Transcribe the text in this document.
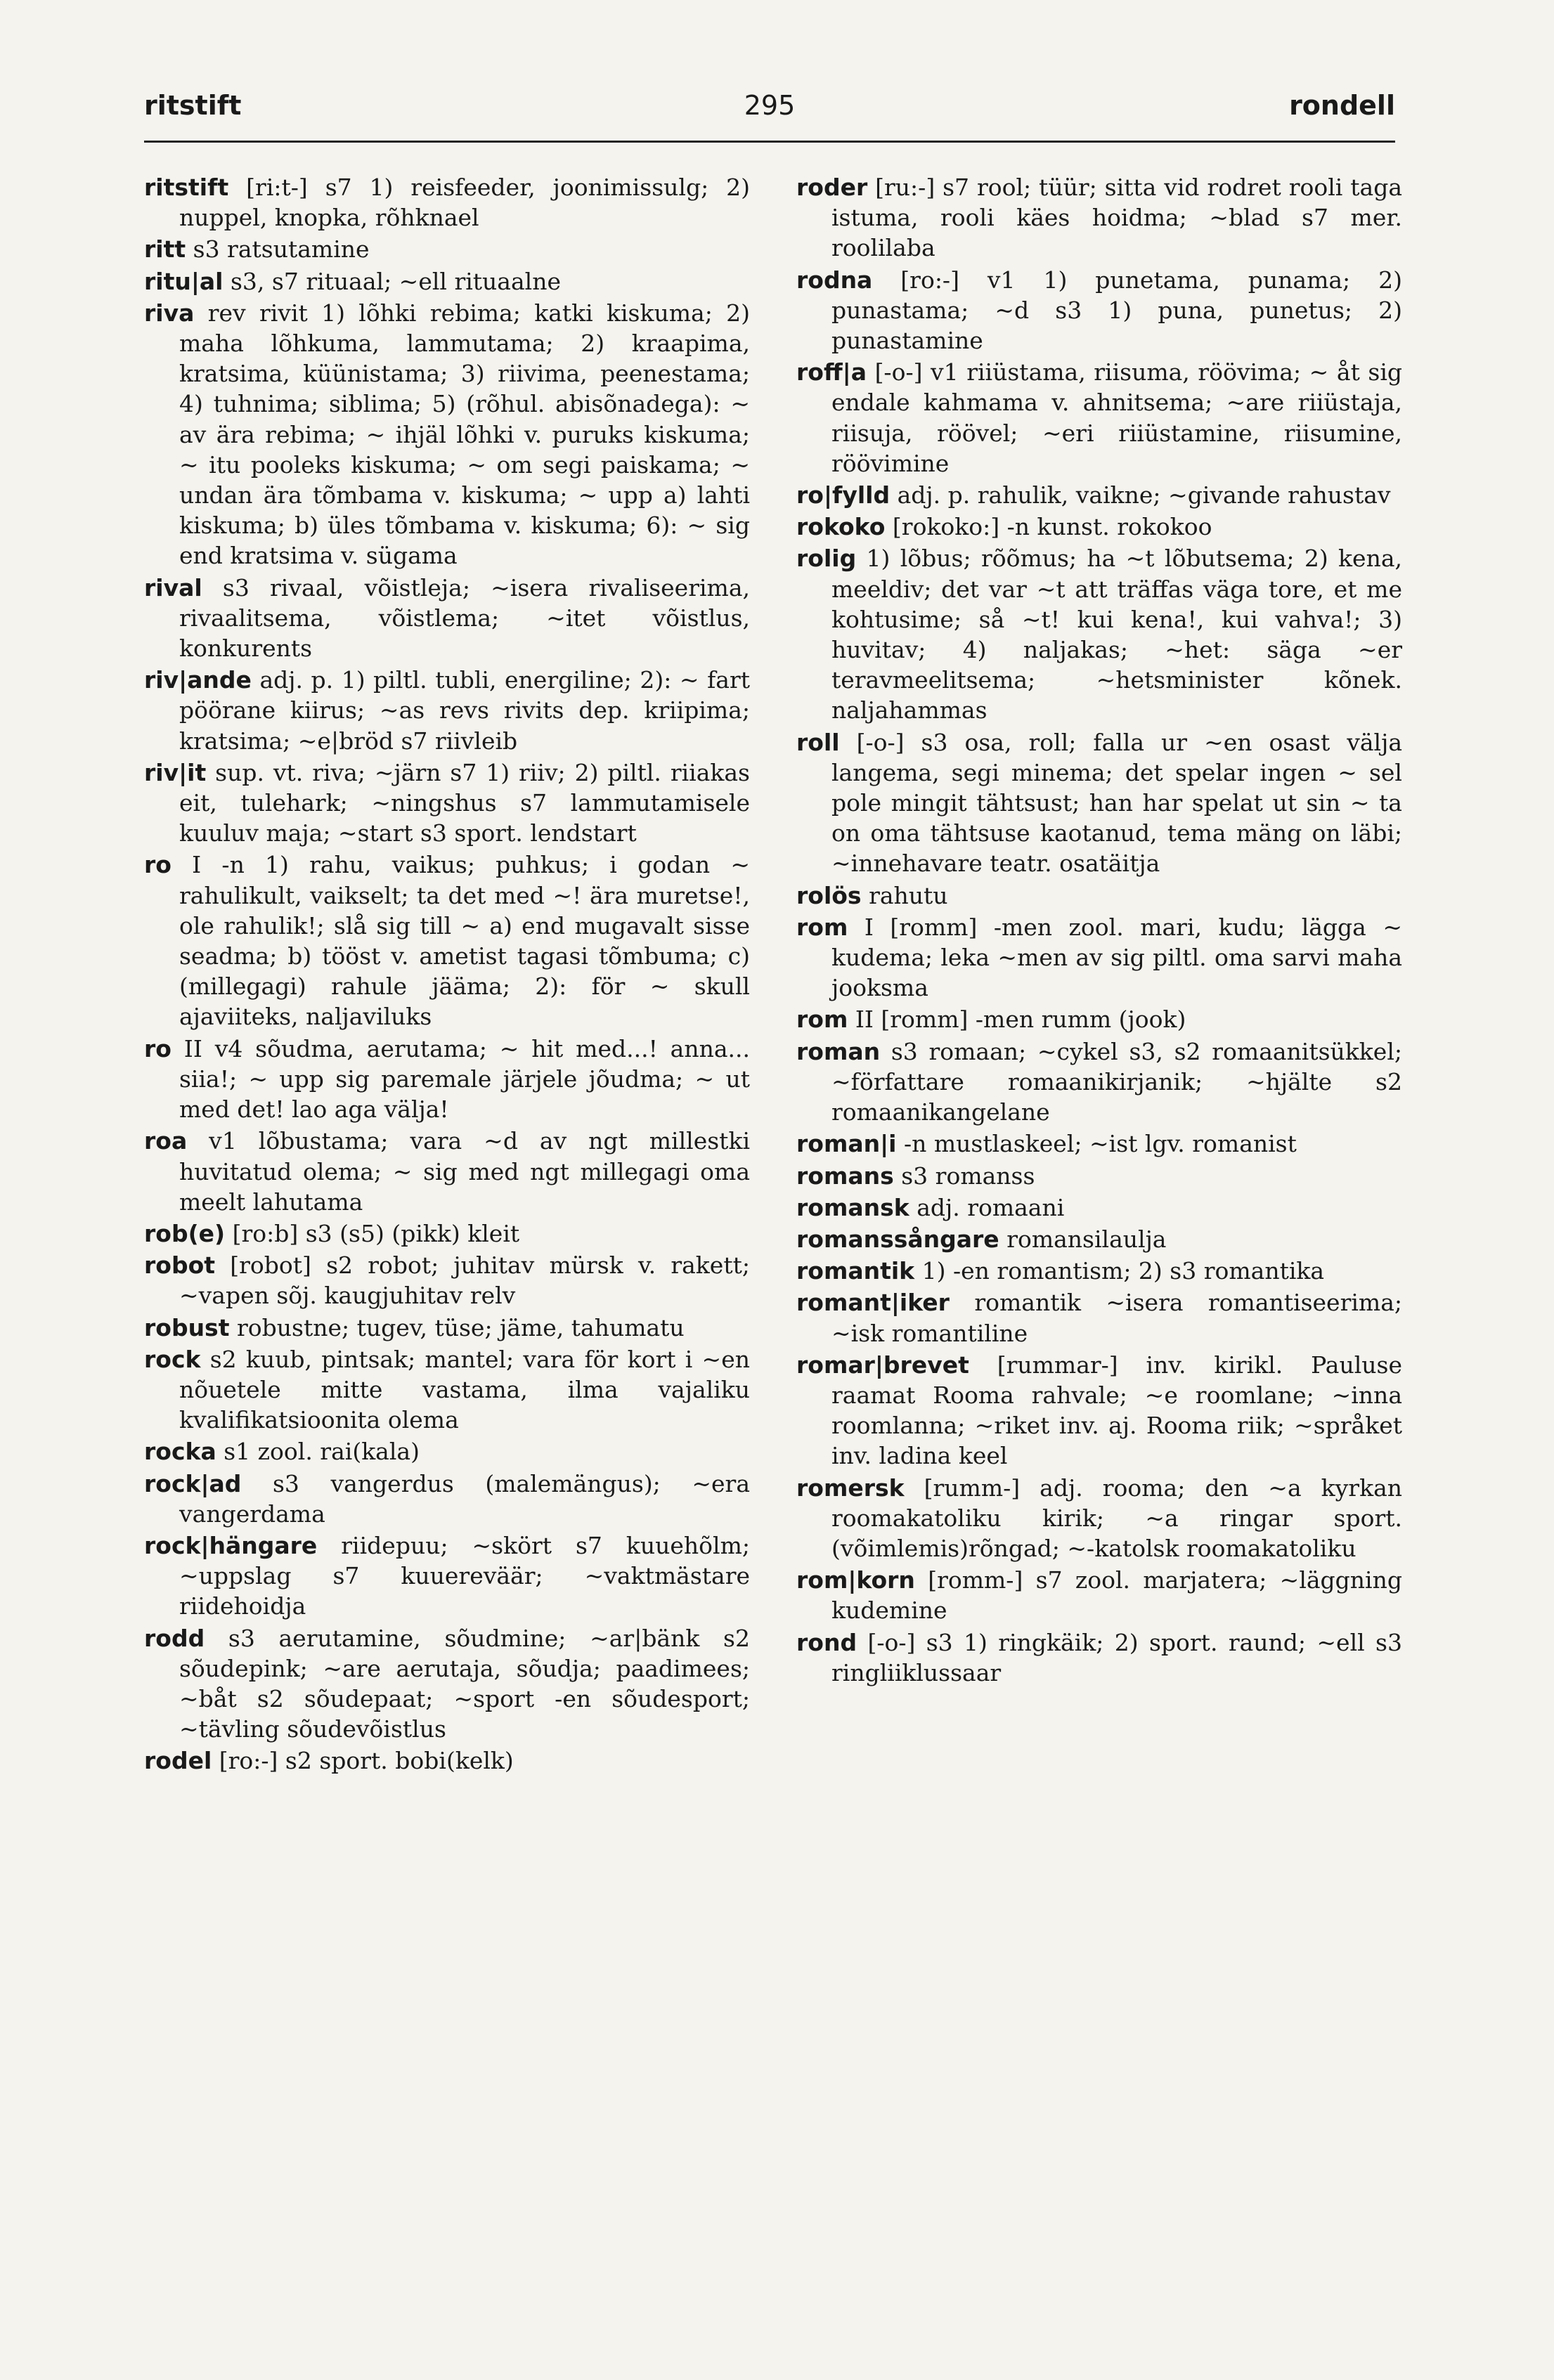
ritstift	295	rondell

ritstift [ri:t-] s7 1) reisfeeder, joonimissulg; 2) nuppel, knopka, rõhknael

ritt s3 ratsutamine

ritu|al s3, s7 rituaal; ~ell rituaalne

riva rev rivit 1) lõhki rebima; katki kiskuma; 2) maha lõhkuma, lammutama; 2) kraapima, kratsima, küünistama; 3) riivima, peenestama; 4) tuhnima; siblima; 5) (rõhul. abisõnadega): ~ av ära rebima; ~ ihjäl lõhki v. puruks kiskuma; ~ itu pooleks kiskuma; ~ om segi paiskama; ~ undan ära tõmbama v. kiskuma; ~ upp a) lahti kiskuma; b) üles tõmbama v. kiskuma; 6): ~ sig end kratsima v. sügama

rival s3 rivaal, võistleja; ~isera rivaliseerima, rivaalitsema, võistlema; ~itet võistlus, konkurents

riv|ande adj. p. 1) piltl. tubli, energiline; 2): ~ fart pöörane kiirus; ~as revs rivits dep. kriipima; kratsima; ~e|bröd s7 riivleib

riv|it sup. vt. riva; ~järn s7 1) riiv; 2) piltl. riiakas eit, tulehark; ~ningshus s7 lammutamisele kuuluv maja; ~start s3 sport. lendstart

ro I -n 1) rahu, vaikus; puhkus; i godan ~ rahulikult, vaikselt; ta det med ~! ära muretse!, ole rahulik!; slå sig till ~ a) end mugavalt sisse seadma; b) tööst v. ametist tagasi tõmbuma; c) (millegagi) rahule jääma; 2): för ~ skull ajaviiteks, naljaviluks

ro II v4 sõudma, aerutama; ~ hit med...! anna... siia!; ~ upp sig paremale järjele jõudma; ~ ut med det! lao aga välja!

roa v1 lõbustama; vara ~d av ngt millestki huvitatud olema; ~ sig med ngt millegagi oma meelt lahutama

rob(e) [ro:b] s3 (s5) (pikk) kleit

robot [robot] s2 robot; juhitav mürsk v. rakett; ~vapen sõj. kaugjuhitav relv

robust robustne; tugev, tüse; jäme, tahumatu

rock s2 kuub, pintsak; mantel; vara för kort i ~en nõuetele mitte vastama, ilma vajaliku kvalifikatsioonita olema

rocka s1 zool. rai(kala)

rock|ad s3 vangerdus (malemängus); ~era vangerdama

rock|hängare riidepuu; ~skört s7 kuuehõlm; ~uppslag s7 kuuereväär; ~vaktmästare riidehoidja

rodd s3 aerutamine, sõudmine; ~ar|bänk s2 sõudepink; ~are aerutaja, sõudja; paadimees; ~båt s2 sõudepaat; ~sport -en sõudesport; ~tävling sõudevõistlus

rodel [ro:-] s2 sport. bobi(kelk)

roder [ru:-] s7 rool; tüür; sitta vid rodret rooli taga istuma, rooli käes hoidma; ~blad s7 mer. roolilaba

rodna [ro:-] v1 1) punetama, punama; 2) punastama; ~d s3 1) puna, punetus; 2) punastamine

roff|a [-o-] v1 riiüstama, riisuma, röövima; ~ åt sig endale kahmama v. ahnitsema; ~are riiüstaja, riisuja, röövel; ~eri riiüstamine, riisumine, röövimine

ro|fylld adj. p. rahulik, vaikne; ~givande rahustav

rokoko [rokoko:] -n kunst. rokokoo

rolig 1) lõbus; rõõmus; ha ~t lõbutsema; 2) kena, meeldiv; det var ~t att träffas väga tore, et me kohtusime; så ~t! kui kena!, kui vahva!; 3) huvitav; 4) naljakas; ~het: säga ~er teravmeelitsema; ~hetsminister kõnek. naljahammas

roll [-o-] s3 osa, roll; falla ur ~en osast välja langema, segi minema; det spelar ingen ~ sel pole mingit tähtsust; han har spelat ut sin ~ ta on oma tähtsuse kaotanud, tema mäng on läbi; ~innehavare teatr. osatäitja

rolös rahutu

rom I [romm] -men zool. mari, kudu; lägga ~ kudema; leka ~men av sig piltl. oma sarvi maha jooksma

rom II [romm] -men rumm (jook)

roman s3 romaan; ~cykel s3, s2 romaanitsükkel; ~författare romaanikirjanik; ~hjälte s2 romaanikangelane

roman|i -n mustlaskeel; ~ist lgv. romanist

romans s3 romanss

romansk adj. romaani

romanssångare romansilaulja

romantik 1) -en romantism; 2) s3 romantika

romant|iker romantik ~isera romantiseerima; ~isk romantiline

romar|brevet [rummar-] inv. kirikl. Pauluse raamat Rooma rahvale; ~e roomlane; ~inna roomlanna; ~riket inv. aj. Rooma riik; ~språket inv. ladina keel

romersk [rumm-] adj. rooma; den ~a kyrkan roomakatoliku kirik; ~a ringar sport. (võimlemis)rõngad; ~-katolsk roomakatoliku

rom|korn [romm-] s7 zool. marjatera; ~läggning kudemine

rond [-o-] s3 1) ringkäik; 2) sport. raund; ~ell s3 ringliiklussaar
